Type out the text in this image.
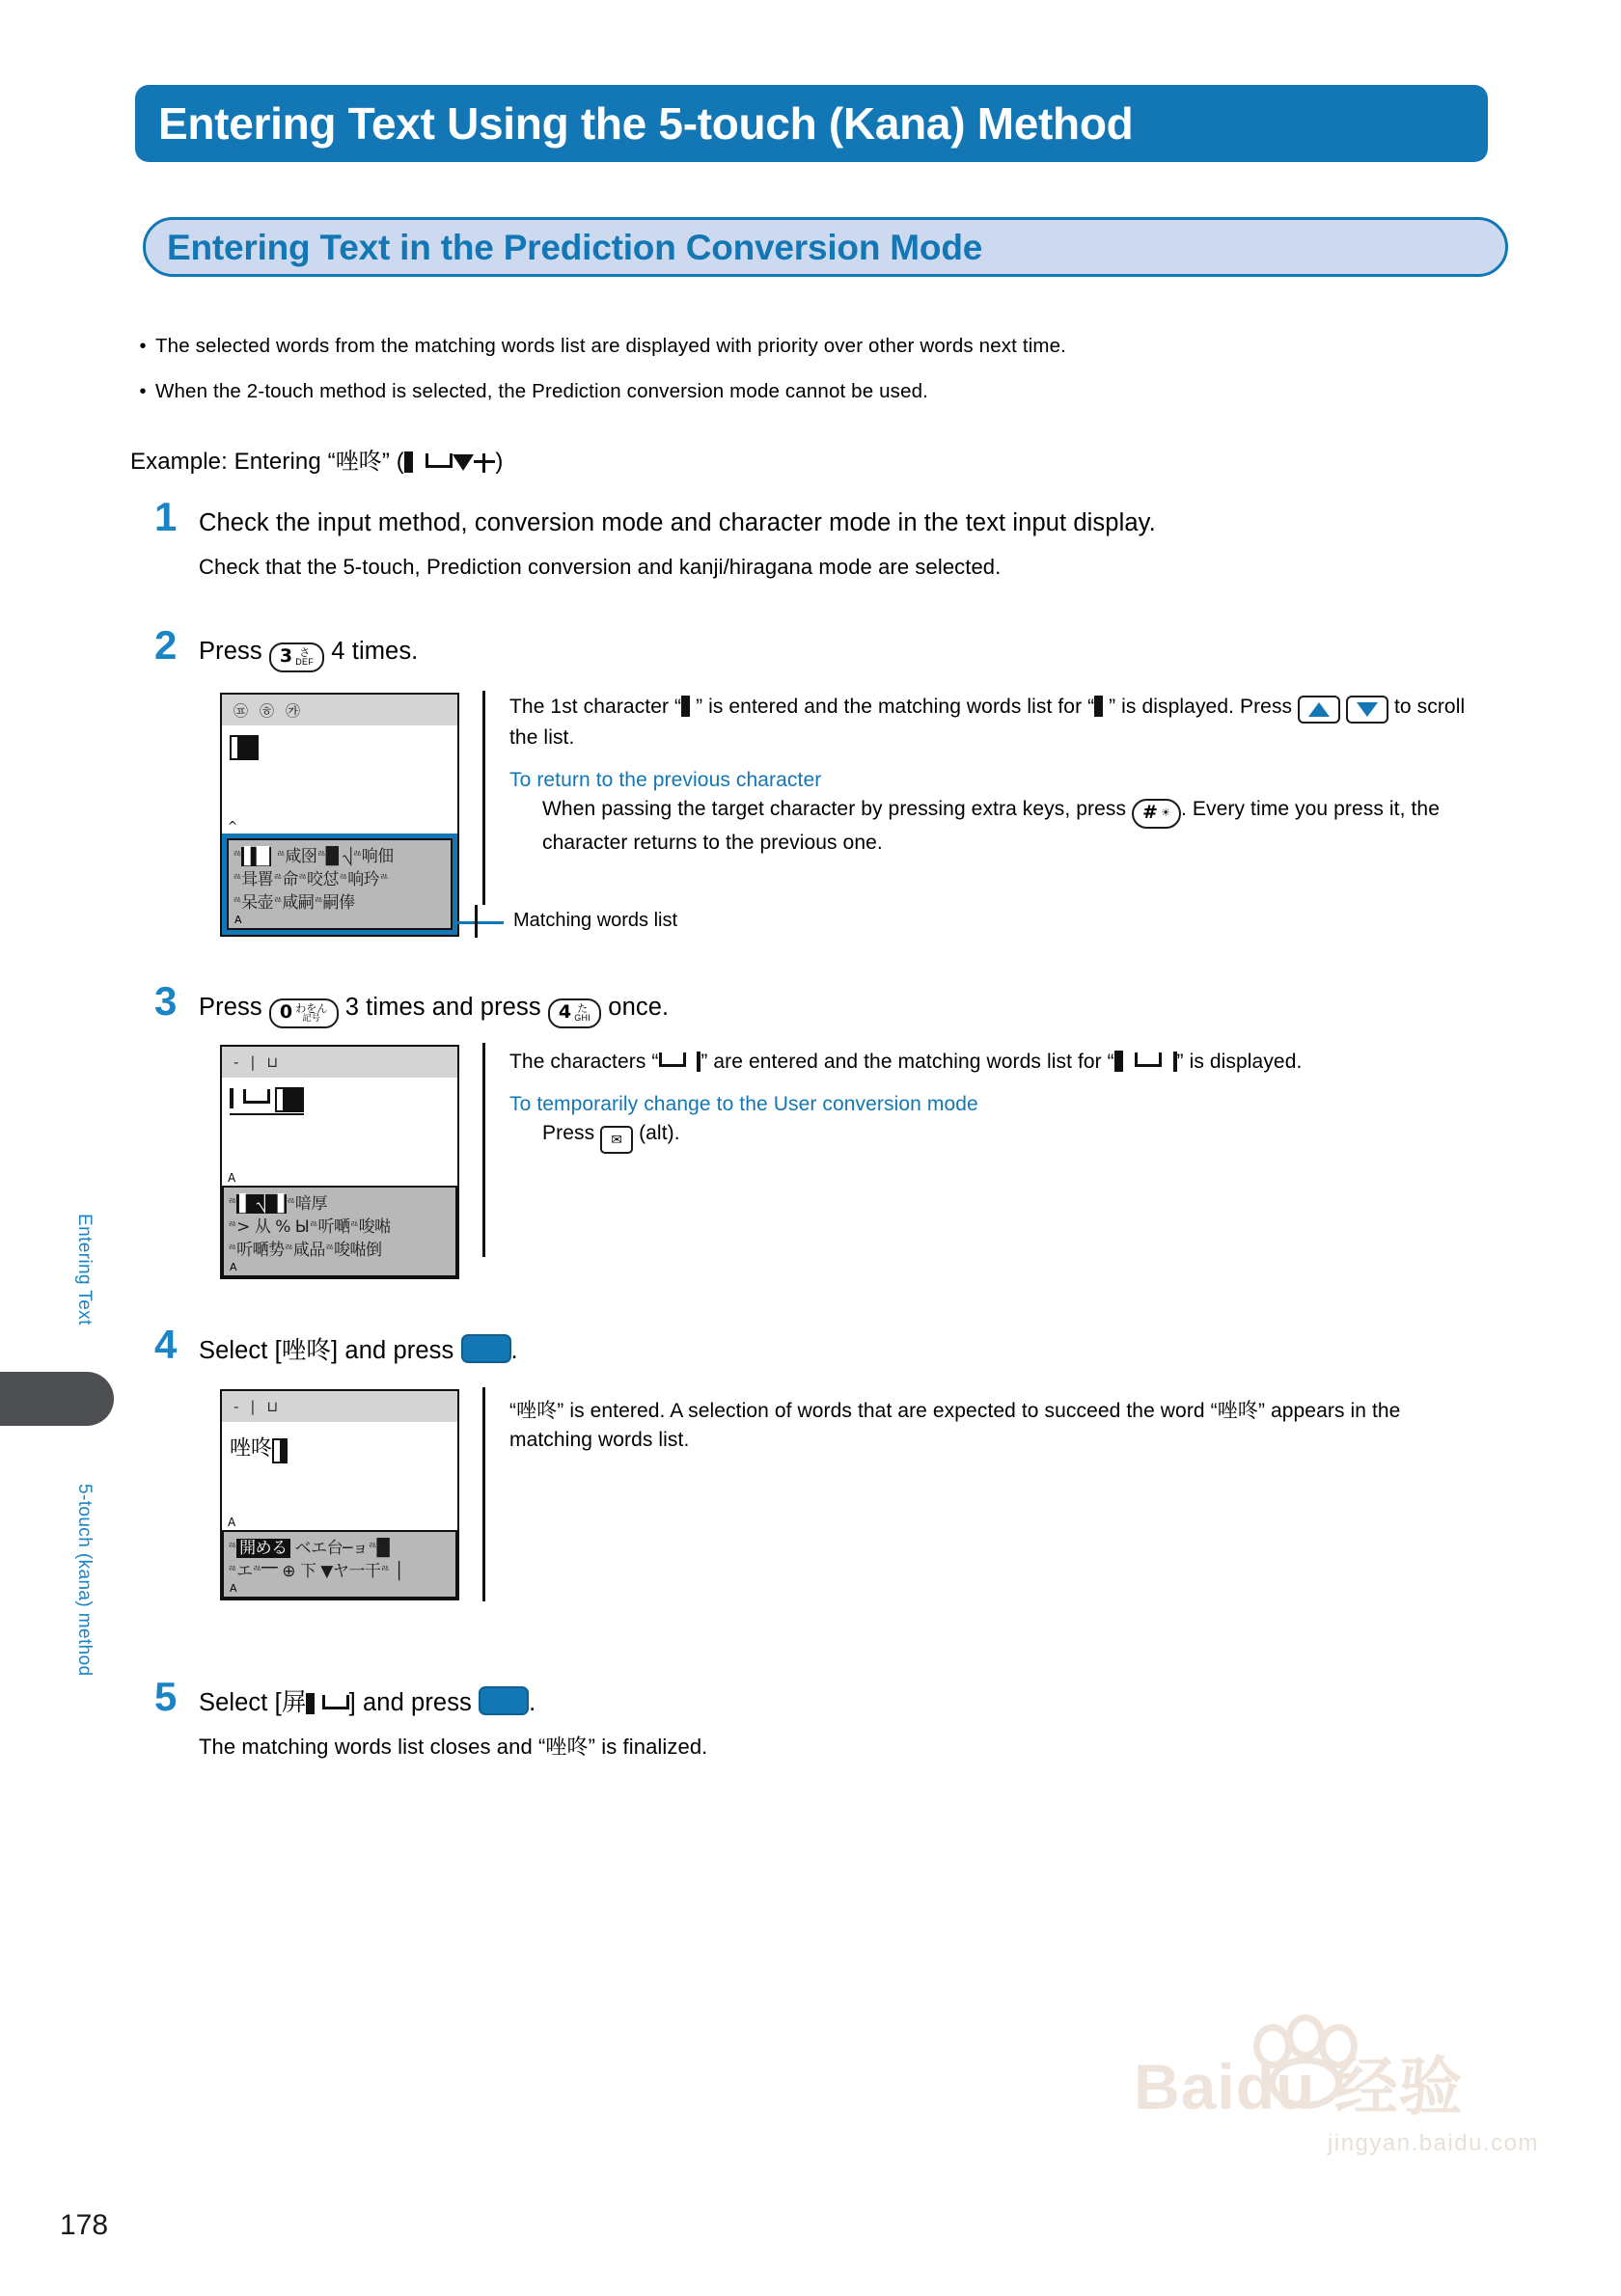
Entering Text
5-touch (kana) method
Entering Text Using the 5-touch (Kana) Method
Entering Text in the Prediction Conversion Mode
• The selected words from the matching words list are displayed with priority over other words next time.
• When the 2-touch method is selected, the Prediction conversion mode cannot be used.
Example: Entering “唑咚” (	)
1 Check the input method, conversion mode and character mode in the text input display.
Check that the 5-touch, Prediction conversion and kanji/hiragana mode are selected.
2 Press 3 さ
DEF 4 times.
㉬ ㉭ ㉮
^
$^ㅬ$ ▌█ $^ㅬ$咸囹$^ㅬ$█ ⎷$^ㅬ$响佃
$^ㅬ$咠嘼$^ㅬ$命$^ㅬ$咬怤$^ㅬ$响玪$^ㅬ$
$^ㅬ$呆壶$^ㅬ$咸嗣$^ㅬ$嗣俸
A	Matching words list
The 1st character “ ” is entered and the matching words list for “ ” is displayed. Press
	to scroll the list.
To return to the previous character
When passing the target character by pressing extra keys, press # ☀ . Every time you press it, the character returns to the previous one.
3 Press 0 わをん
記号 3 times and press 4 た
GHI once.
- | ⊔

A
$^ㅬ$ ▌ ⎷ ▐ $^ㅬ$喑厚
$^ㅬ$> 从 % $Ы^ㅬ$听嗮$^ㅬ$唆喖
$^ㅬ$听嗮势$^ㅬ$咸品$^ㅬ$唆喖倒
A
The characters “ ” are entered and the matching words list for “	” is displayed.
To temporarily change to the User conversion mode
Press ✉ (alt).
4 Select [唑咚] and press .
- | ⊔
唑咚
A
$^ㅬ$ 開める ベエ台─ョ$^ㅬ$█
$^ㅬ$エ$^ㅬ$⎻ ⊕ 下 ▼ヤ一干$^ㅬ$ │
A
“唑咚” is entered. A selection of words that are expected to succeed the word “唑咚” appears in the matching words list.
5 Select [屏 ] and press .
The matching words list closes and “唑咚” is finalized.
178
Baidu 经验
jingyan.baidu.com
